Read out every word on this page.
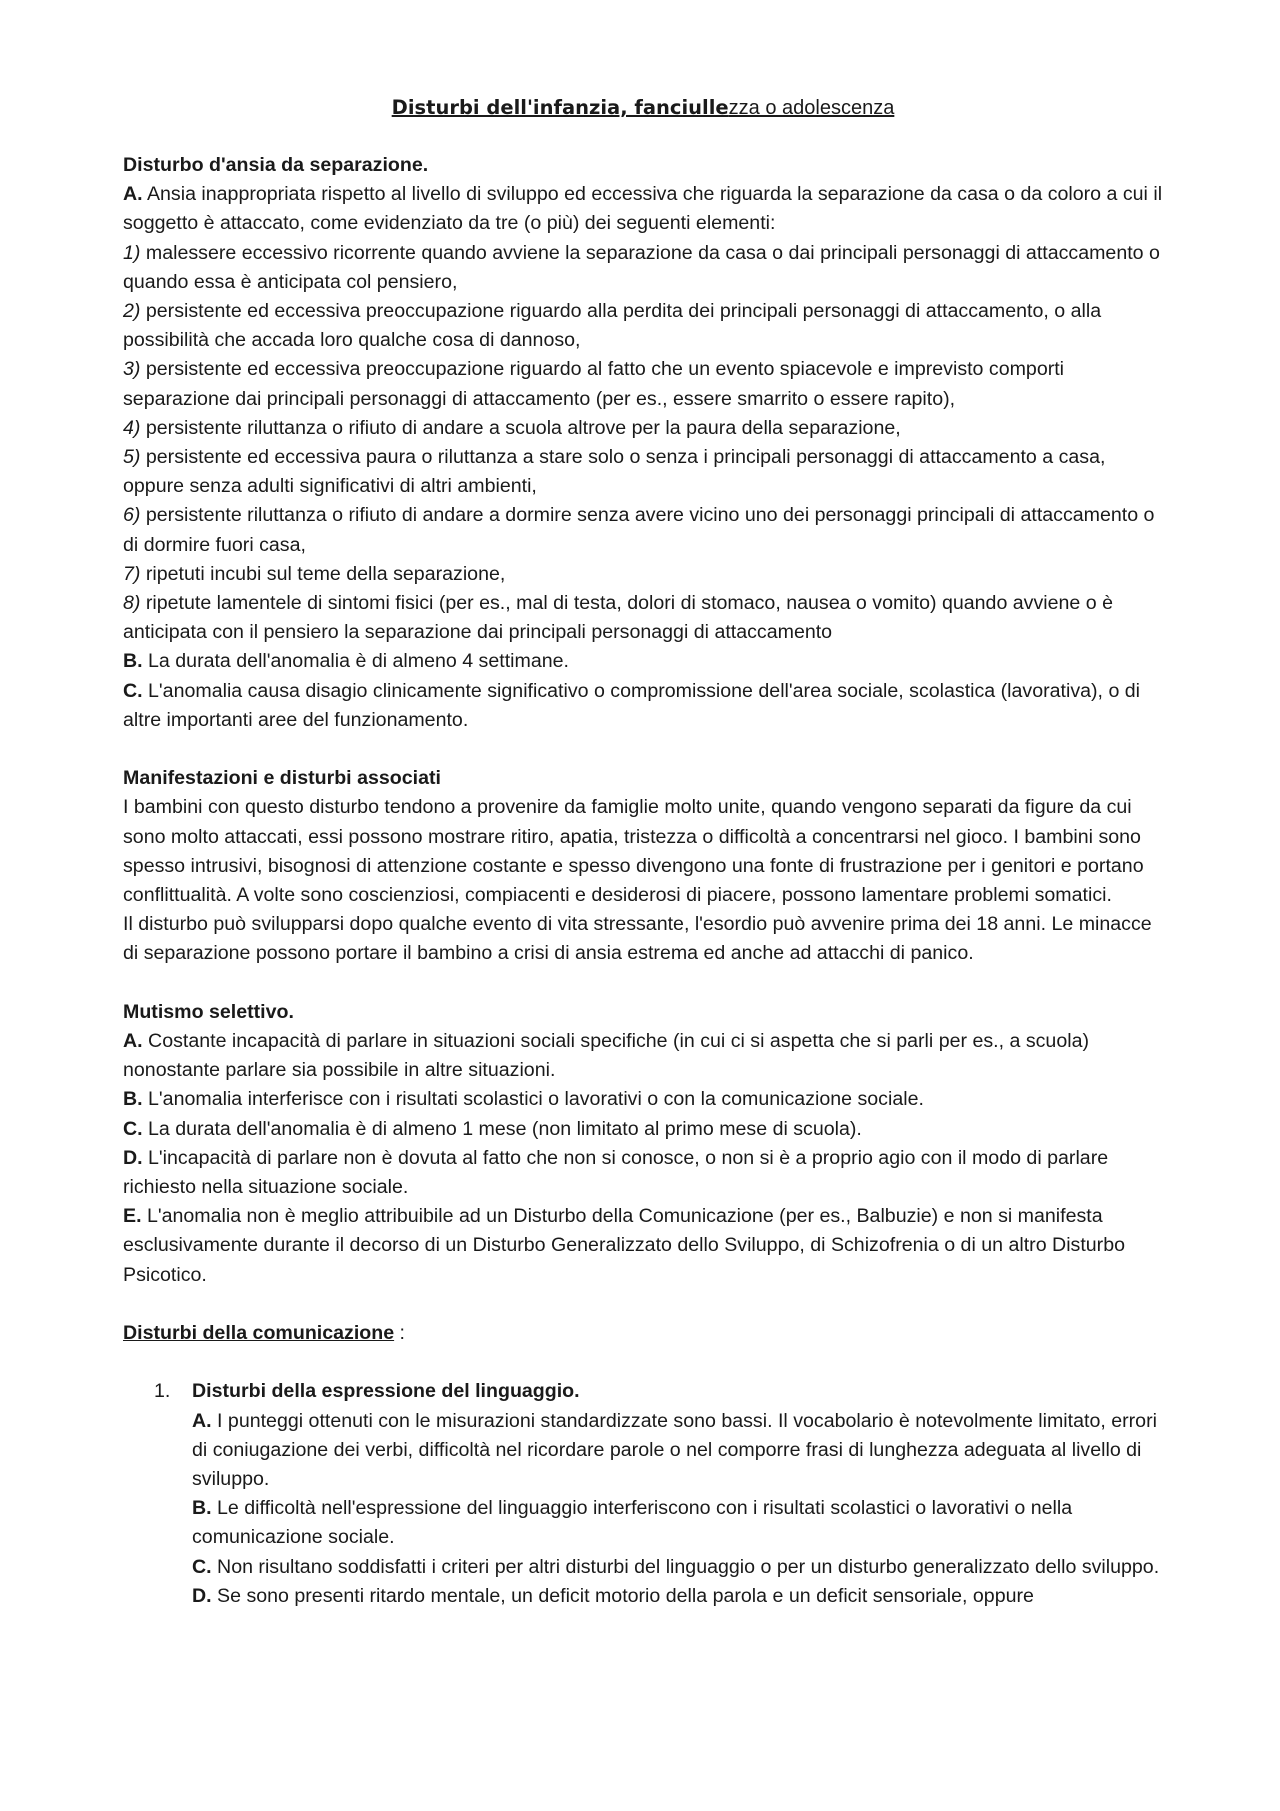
Disturbi dell'infanzia, fanciullezza o adolescenza

Disturbo d'ansia da separazione.

A. Ansia inappropriata rispetto al livello di sviluppo ed eccessiva che riguarda la separazione da casa o da coloro a cui il soggetto è attaccato, come evidenziato da tre (o più) dei seguenti elementi:

1) malessere eccessivo ricorrente quando avviene la separazione da casa o dai principali personaggi di attaccamento o quando essa è anticipata col pensiero,

2) persistente ed eccessiva preoccupazione riguardo alla perdita dei principali personaggi di attaccamento, o alla possibilità che accada loro qualche cosa di dannoso,

3) persistente ed eccessiva preoccupazione riguardo al fatto che un evento spiacevole e imprevisto comporti separazione dai principali personaggi di attaccamento (per es., essere smarrito o essere rapito),

4) persistente riluttanza o rifiuto di andare a scuola altrove per la paura della separazione,

5) persistente ed eccessiva paura o riluttanza a stare solo o senza i principali personaggi di attaccamento a casa, oppure senza adulti significativi di altri ambienti,

6) persistente riluttanza o rifiuto di andare a dormire senza avere vicino uno dei personaggi principali di attaccamento o di dormire fuori casa,

7) ripetuti incubi sul teme della separazione,

8) ripetute lamentele di sintomi fisici (per es., mal di testa, dolori di stomaco, nausea o vomito) quando avviene o è anticipata con il pensiero la separazione dai principali personaggi di attaccamento

B. La durata dell'anomalia è di almeno 4 settimane.

C. L'anomalia causa disagio clinicamente significativo o compromissione dell'area sociale, scolastica (lavorativa), o di altre importanti aree del funzionamento.

Manifestazioni e disturbi associati

I bambini con questo disturbo tendono a provenire da famiglie molto unite, quando vengono separati da figure da cui sono molto attaccati, essi possono mostrare ritiro, apatia, tristezza o difficoltà a concentrarsi nel gioco. I bambini sono spesso intrusivi, bisognosi di attenzione costante e spesso divengono una fonte di frustrazione per i genitori e portano conflittualità. A volte sono coscienziosi, compiacenti e desiderosi di piacere, possono lamentare problemi somatici.

Il disturbo può svilupparsi dopo qualche evento di vita stressante, l'esordio può avvenire prima dei 18 anni. Le minacce di separazione possono portare il bambino a crisi di ansia estrema ed anche ad attacchi di panico.

Mutismo selettivo.

A. Costante incapacità di parlare in situazioni sociali specifiche (in cui ci si aspetta che si parli per es., a scuola) nonostante parlare sia possibile in altre situazioni.

B. L'anomalia interferisce con i risultati scolastici o lavorativi o con la comunicazione sociale.

C. La durata dell'anomalia è di almeno 1 mese (non limitato al primo mese di scuola).

D. L'incapacità di parlare non è dovuta al fatto che non si conosce, o non si è a proprio agio con il modo di parlare richiesto nella situazione sociale.

E. L'anomalia non è meglio attribuibile ad un Disturbo della Comunicazione (per es., Balbuzie) e non si manifesta esclusivamente durante il decorso di un Disturbo Generalizzato dello Sviluppo, di Schizofrenia o di un altro Disturbo Psicotico.

Disturbi della comunicazione :

1. Disturbi della espressione del linguaggio.

A. I punteggi ottenuti con le misurazioni standardizzate sono bassi. Il vocabolario è notevolmente limitato, errori di coniugazione dei verbi, difficoltà nel ricordare parole o nel comporre frasi di lunghezza adeguata al livello di sviluppo.

B. Le difficoltà nell'espressione del linguaggio interferiscono con i risultati scolastici o lavorativi o nella comunicazione sociale.

C. Non risultano soddisfatti i criteri per altri disturbi del linguaggio o per un disturbo generalizzato dello sviluppo.

D. Se sono presenti ritardo mentale, un deficit motorio della parola e un deficit sensoriale, oppure
